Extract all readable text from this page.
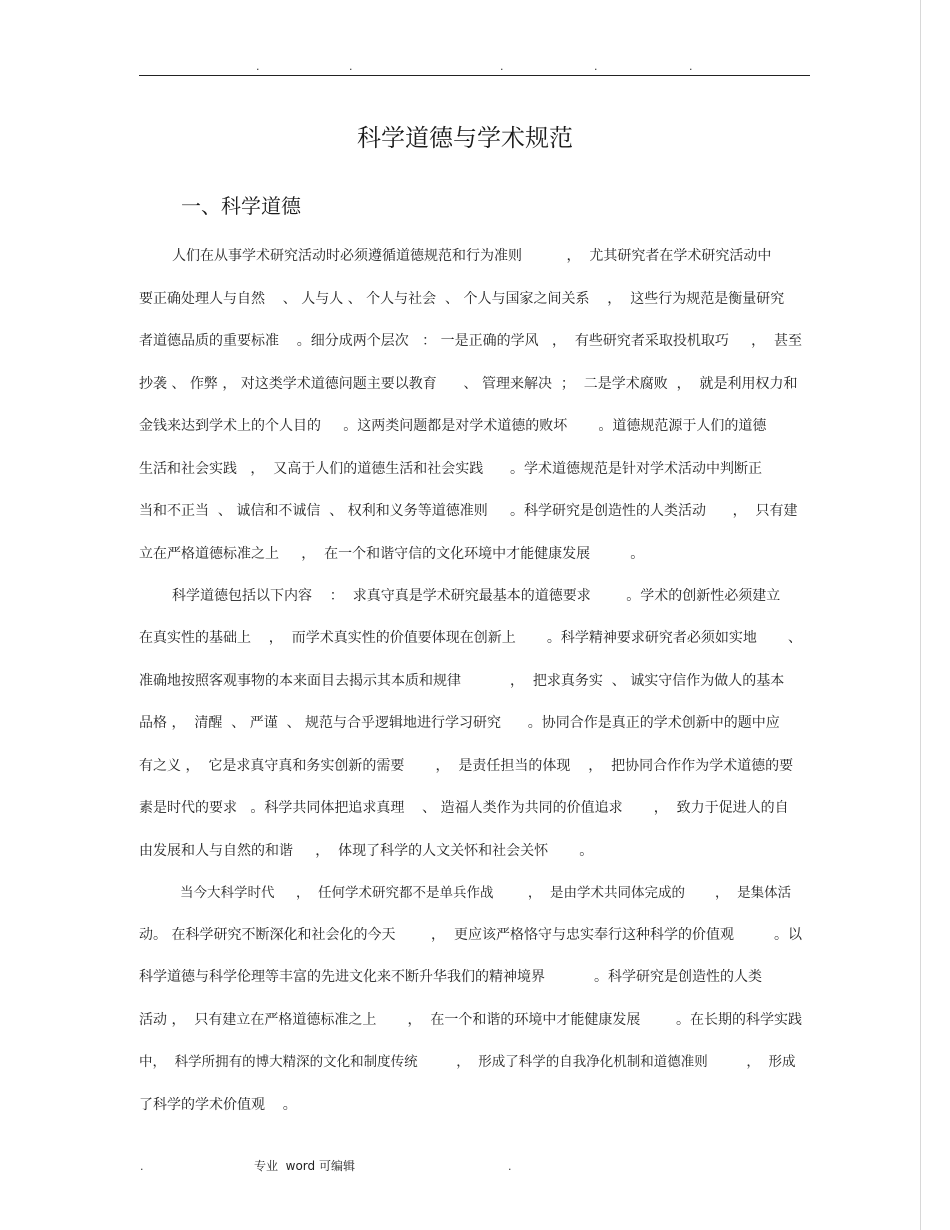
.	.	.	.	.
科学道德与学术规范
一、科学道德
人们在从事学术研究活动时必须遵循道德规范和行为准则          ，  尤其研究者在学术研究活动中
要正确处理人与自然    、 人与人 、 个人与社会  、 个人与国家之间关系    ，  这些行为规范是衡量研究
者道德品质的重要标准    。细分成两个层次   ： 一是正确的学风   ，  有些研究者采取投机取巧     ，  甚至
抄袭 、 作弊 ， 对这类学术道德问题主要以教育      、 管理来解决  ；  二是学术腐败  ，  就是利用权力和
金钱来达到学术上的个人目的     。这两类问题都是对学术道德的败坏       。道德规范源于人们的道德
生活和社会实践   ，  又高于人们的道德生活和社会实践      。学术道德规范是针对学术活动中判断正
当和不正当  、 诚信和不诚信  、 权利和义务等道德准则     。科学研究是创造性的人类活动      ，  只有建
立在严格道德标准之上     ，  在一个和谐守信的文化环境中才能健康发展         。
科学道德包括以下内容    ：  求真守真是学术研究最基本的道德要求        。学术的创新性必须建立
在真实性的基础上    ，  而学术真实性的价值要体现在创新上       。科学精神要求研究者必须如实地       、
准确地按照客观事物的本来面目去揭示其本质和规律           ，  把求真务实  、 诚实守信作为做人的基本
品格 ，  清醒  、 严谨  、 规范与合乎逻辑地进行学习研究      。协同合作是真正的学术创新中的题中应
有之义 ，  它是求真守真和务实创新的需要       ，  是责任担当的体现    ，  把协同合作作为学术道德的要
素是时代的要求   。科学共同体把追求真理    、 造福人类作为共同的价值追求       ，  致力于促进人的自
由发展和人与自然的和谐     ，  体现了科学的人文关怀和社会关怀       。
当今大科学时代     ，  任何学术研究都不是单兵作战        ，  是由学术共同体完成的       ，  是集体活
动。 在科学研究不断深化和社会化的今天        ，  更应该严格恪守与忠实奉行这种科学的价值观         。以
科学道德与科学伦理等丰富的先进文化来不断升华我们的精神境界           。科学研究是创造性的人类
活动 ，  只有建立在严格道德标准之上       ，  在一个和谐的环境中才能健康发展        。在长期的科学实践
中，  科学所拥有的博大精深的文化和制度传统         ，  形成了科学的自我净化机制和道德准则         ，  形成
了科学的学术价值观    。
.	专业  word 可编辑	.
